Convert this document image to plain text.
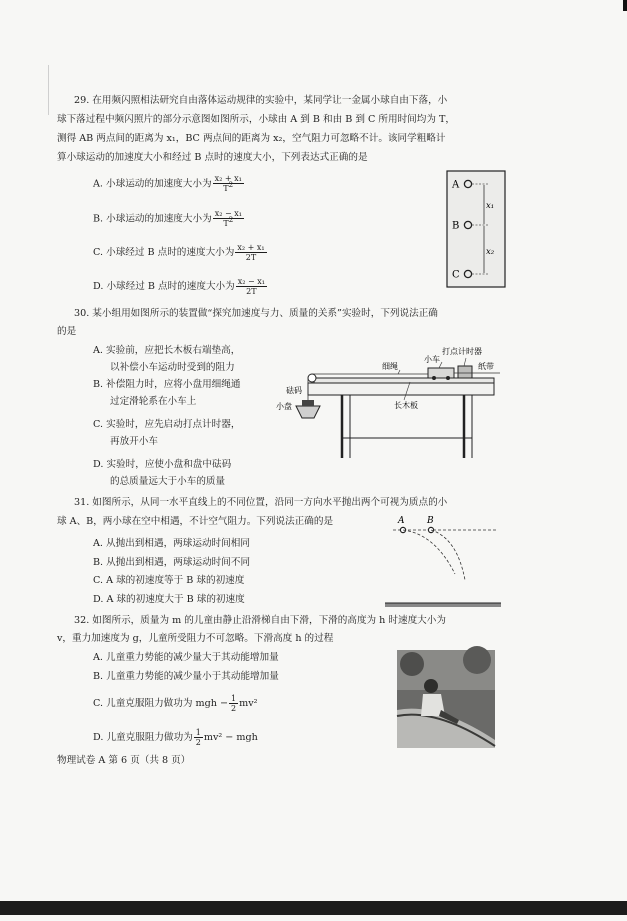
29. 在用频闪照相法研究自由落体运动规律的实验中，某同学让一金属小球自由下落，小
球下落过程中频闪照片的部分示意图如图所示，小球由 A 到 B 和由 B 到 C 所用时间均为 T，
测得 AB 两点间的距离为 x₁，BC 两点间的距离为 x₂，空气阻力可忽略不计。该同学粗略计
算小球运动的加速度大小和经过 B 点时的速度大小，下列表达式正确的是
A. 小球运动的加速度大小为 $\frac{\text{x₂ + x₁}}{T2}$
B. 小球运动的加速度大小为 $\frac{\text{x₂ − x₁}}{T2}$
C. 小球经过 B 点时的速度大小为 $\frac{\text{x₂ + x₁}}{2T}$
D. 小球经过 B 点时的速度大小为 $\frac{\text{x₂ − x₁}}{2T}$
A
B
C
x₁
x₂
30. 某小组用如图所示的装置做“探究加速度与力、质量的关系”实验时，下列说法正确
的是
A. 实验前，应把长木板右端垫高，
以补偿小车运动时受到的阻力
B. 补偿阻力时，应将小盘用细绳通
过定滑轮系在小车上
C. 实验时，应先启动打点计时器，
再放开小车
D. 实验时，应使小盘和盘中砝码
的总质量远大于小车的质量
打点计时器
小车
细绳	纸带
砝码
小盘	长木板
31. 如图所示，从同一水平直线上的不同位置，沿同一方向水平抛出两个可视为质点的小
球 A、B，两小球在空中相遇，不计空气阻力。下列说法正确的是
A. 从抛出到相遇，两球运动时间相同
B. 从抛出到相遇，两球运动时间不同
C. A 球的初速度等于 B 球的初速度
D. A 球的初速度大于 B 球的初速度
A	B
32. 如图所示，质量为 m 的儿童由静止沿滑梯自由下滑，下滑的高度为 h 时速度大小为
v，重力加速度为 g，儿童所受阻力不可忽略。下滑高度 h 的过程
A. 儿童重力势能的减少量大于其动能增加量
B. 儿童重力势能的减少量小于其动能增加量
C. 儿童克服阻力做功为 mgh − $\frac{1}{2} mv^2$
D. 儿童克服阻力做功为 $\frac{1}{2} mv^2$ − mgh
物理试卷 A 第 6 页（共 8 页）
